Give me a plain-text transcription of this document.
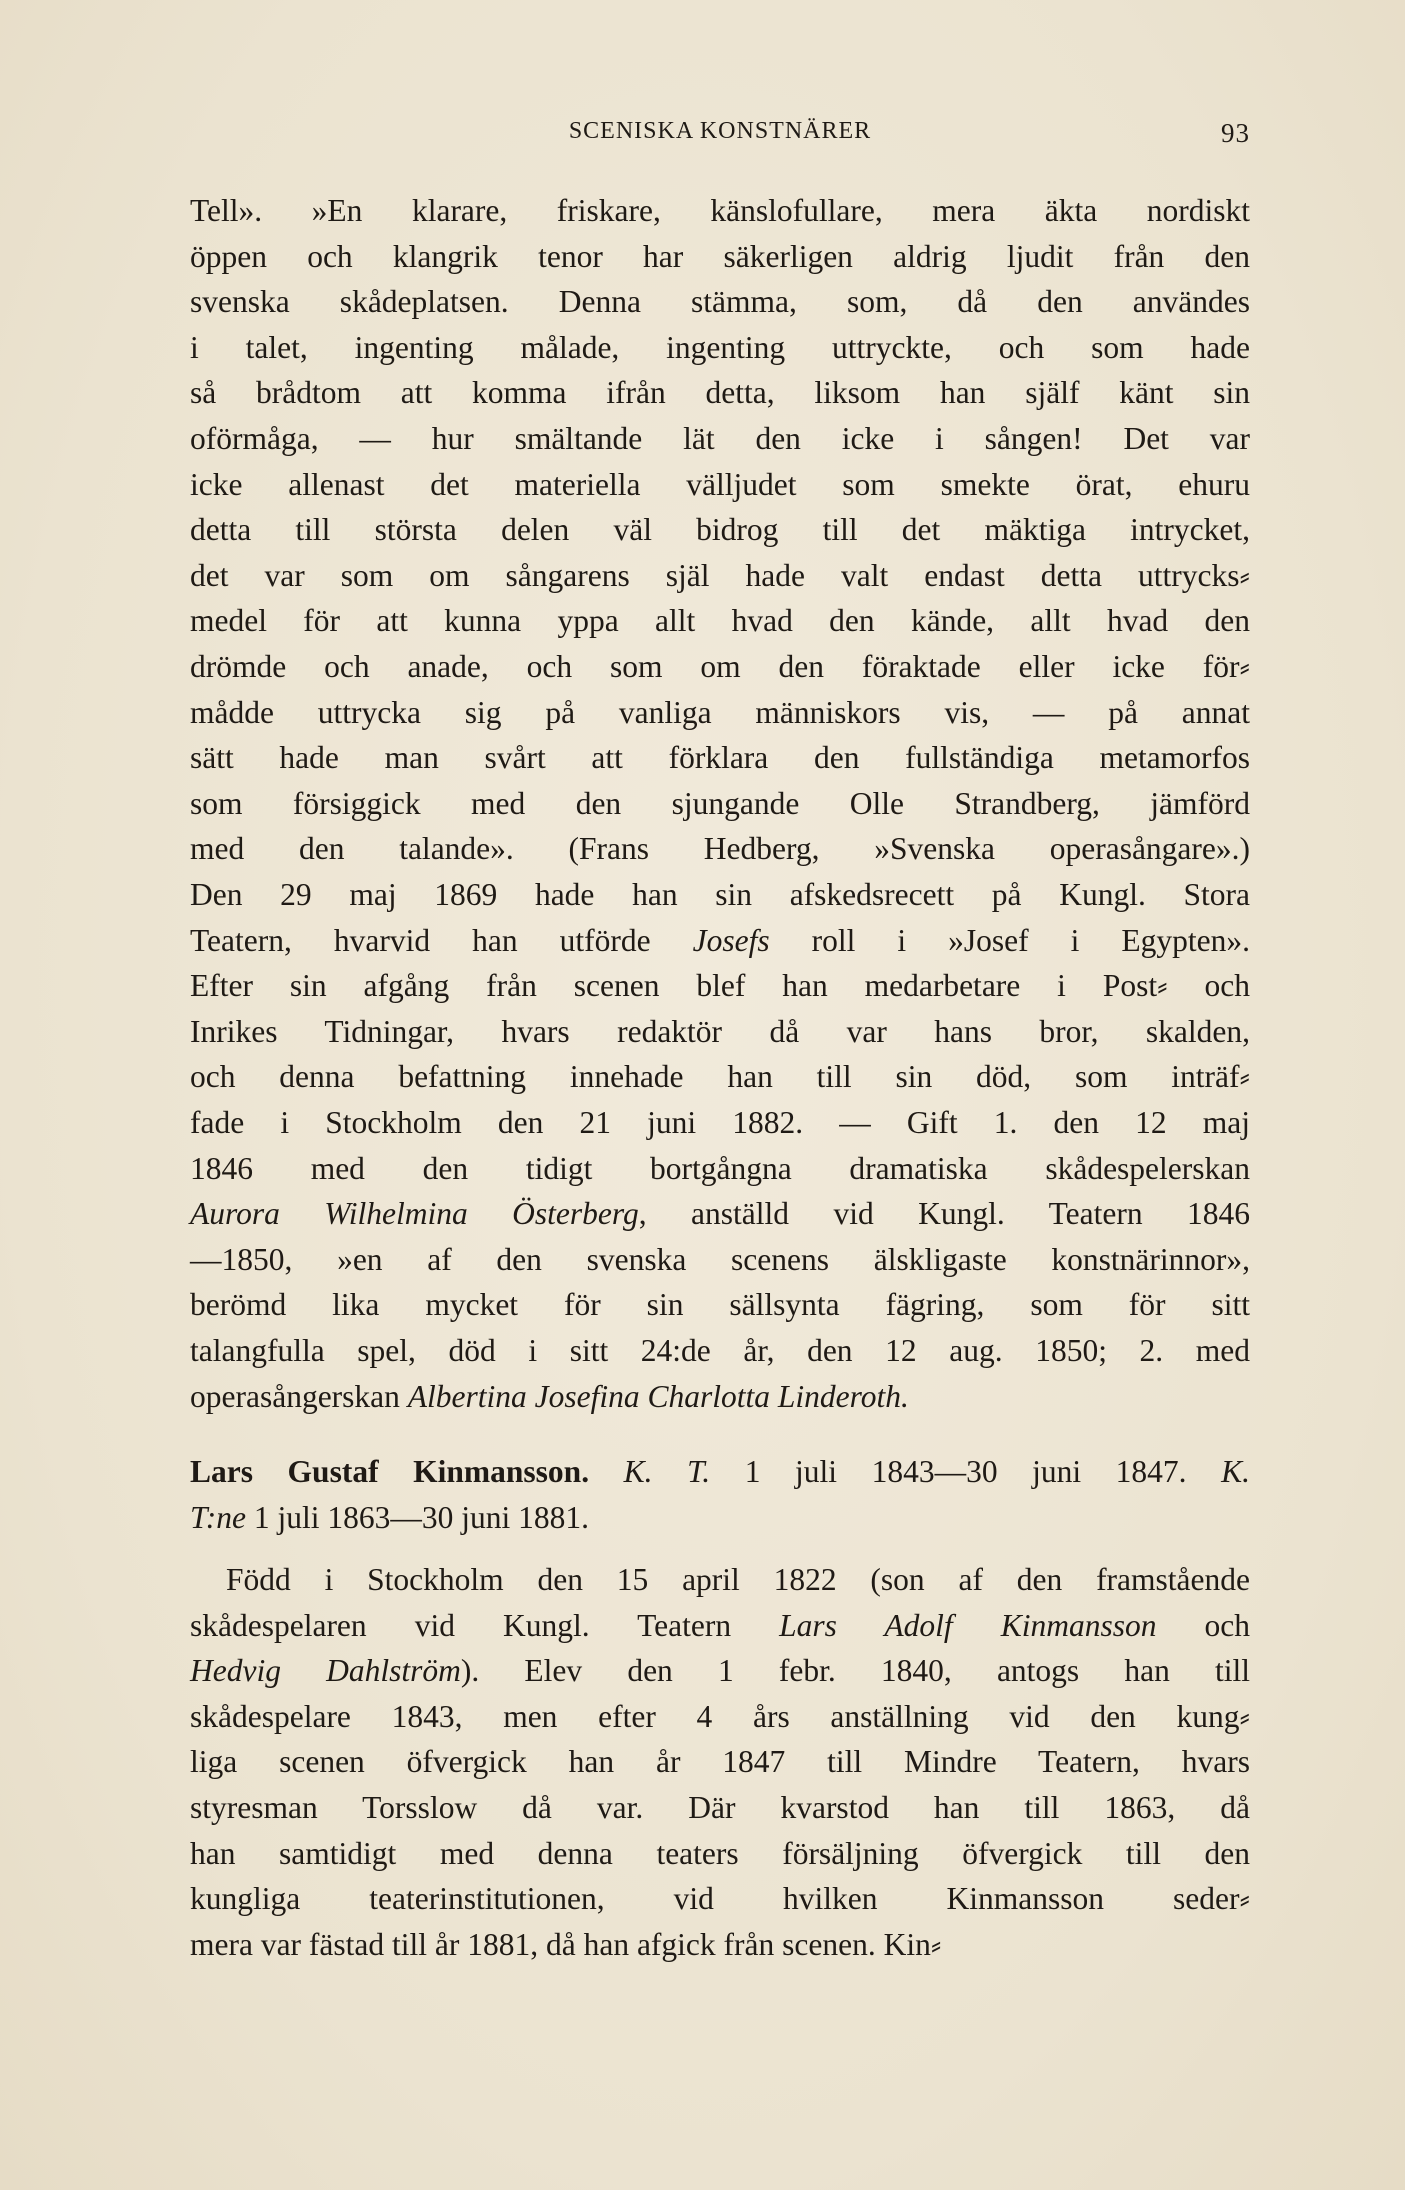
SCENISKA KONSTNÄRER	93
Tell». »En klarare, friskare, känslofullare, mera äkta nordiskt
öppen och klangrik tenor har säkerligen aldrig ljudit från den
svenska skådeplatsen. Denna stämma, som, då den användes
i talet, ingenting målade, ingenting uttryckte, och som hade
så brådtom att komma ifrån detta, liksom han själf känt sin
oförmåga, — hur smältande lät den icke i sången! Det var
icke allenast det materiella välljudet som smekte örat, ehuru
detta till största delen väl bidrog till det mäktiga intrycket,
det var som om sångarens själ hade valt endast detta uttrycks⸗
medel för att kunna yppa allt hvad den kände, allt hvad den
drömde och anade, och som om den föraktade eller icke för⸗
mådde uttrycka sig på vanliga människors vis, — på annat
sätt hade man svårt att förklara den fullständiga metamorfos
som försiggick med den sjungande Olle Strandberg, jämförd
med den talande». (Frans Hedberg, »Svenska operasångare».)
Den 29 maj 1869 hade han sin afskedsrecett på Kungl. Stora
Teatern, hvarvid han utförde Josefs roll i »Josef i Egypten».
Efter sin afgång från scenen blef han medarbetare i Post⸗ och
Inrikes Tidningar, hvars redaktör då var hans bror, skalden,
och denna befattning innehade han till sin död, som inträf⸗
fade i Stockholm den 21 juni 1882. — Gift 1. den 12 maj
1846 med den tidigt bortgångna dramatiska skådespelerskan
Aurora Wilhelmina Österberg, anställd vid Kungl. Teatern 1846
—1850, »en af den svenska scenens älskligaste konstnärinnor»,
berömd lika mycket för sin sällsynta fägring, som för sitt
talangfulla spel, död i sitt 24:de år, den 12 aug. 1850; 2. med
operasångerskan Albertina Josefina Charlotta Linderoth.
Lars Gustaf Kinmansson. K. T. 1 juli 1843—30 juni 1847. K.
T:ne 1 juli 1863—30 juni 1881.
Född i Stockholm den 15 april 1822 (son af den framstående
skådespelaren vid Kungl. Teatern Lars Adolf Kinmansson och
Hedvig Dahlström). Elev den 1 febr. 1840, antogs han till
skådespelare 1843, men efter 4 års anställning vid den kung⸗
liga scenen öfvergick han år 1847 till Mindre Teatern, hvars
styresman Torsslow då var. Där kvarstod han till 1863, då
han samtidigt med denna teaters försäljning öfvergick till den
kungliga teaterinstitutionen, vid hvilken Kinmansson seder⸗
mera var fästad till år 1881, då han afgick från scenen. Kin⸗
